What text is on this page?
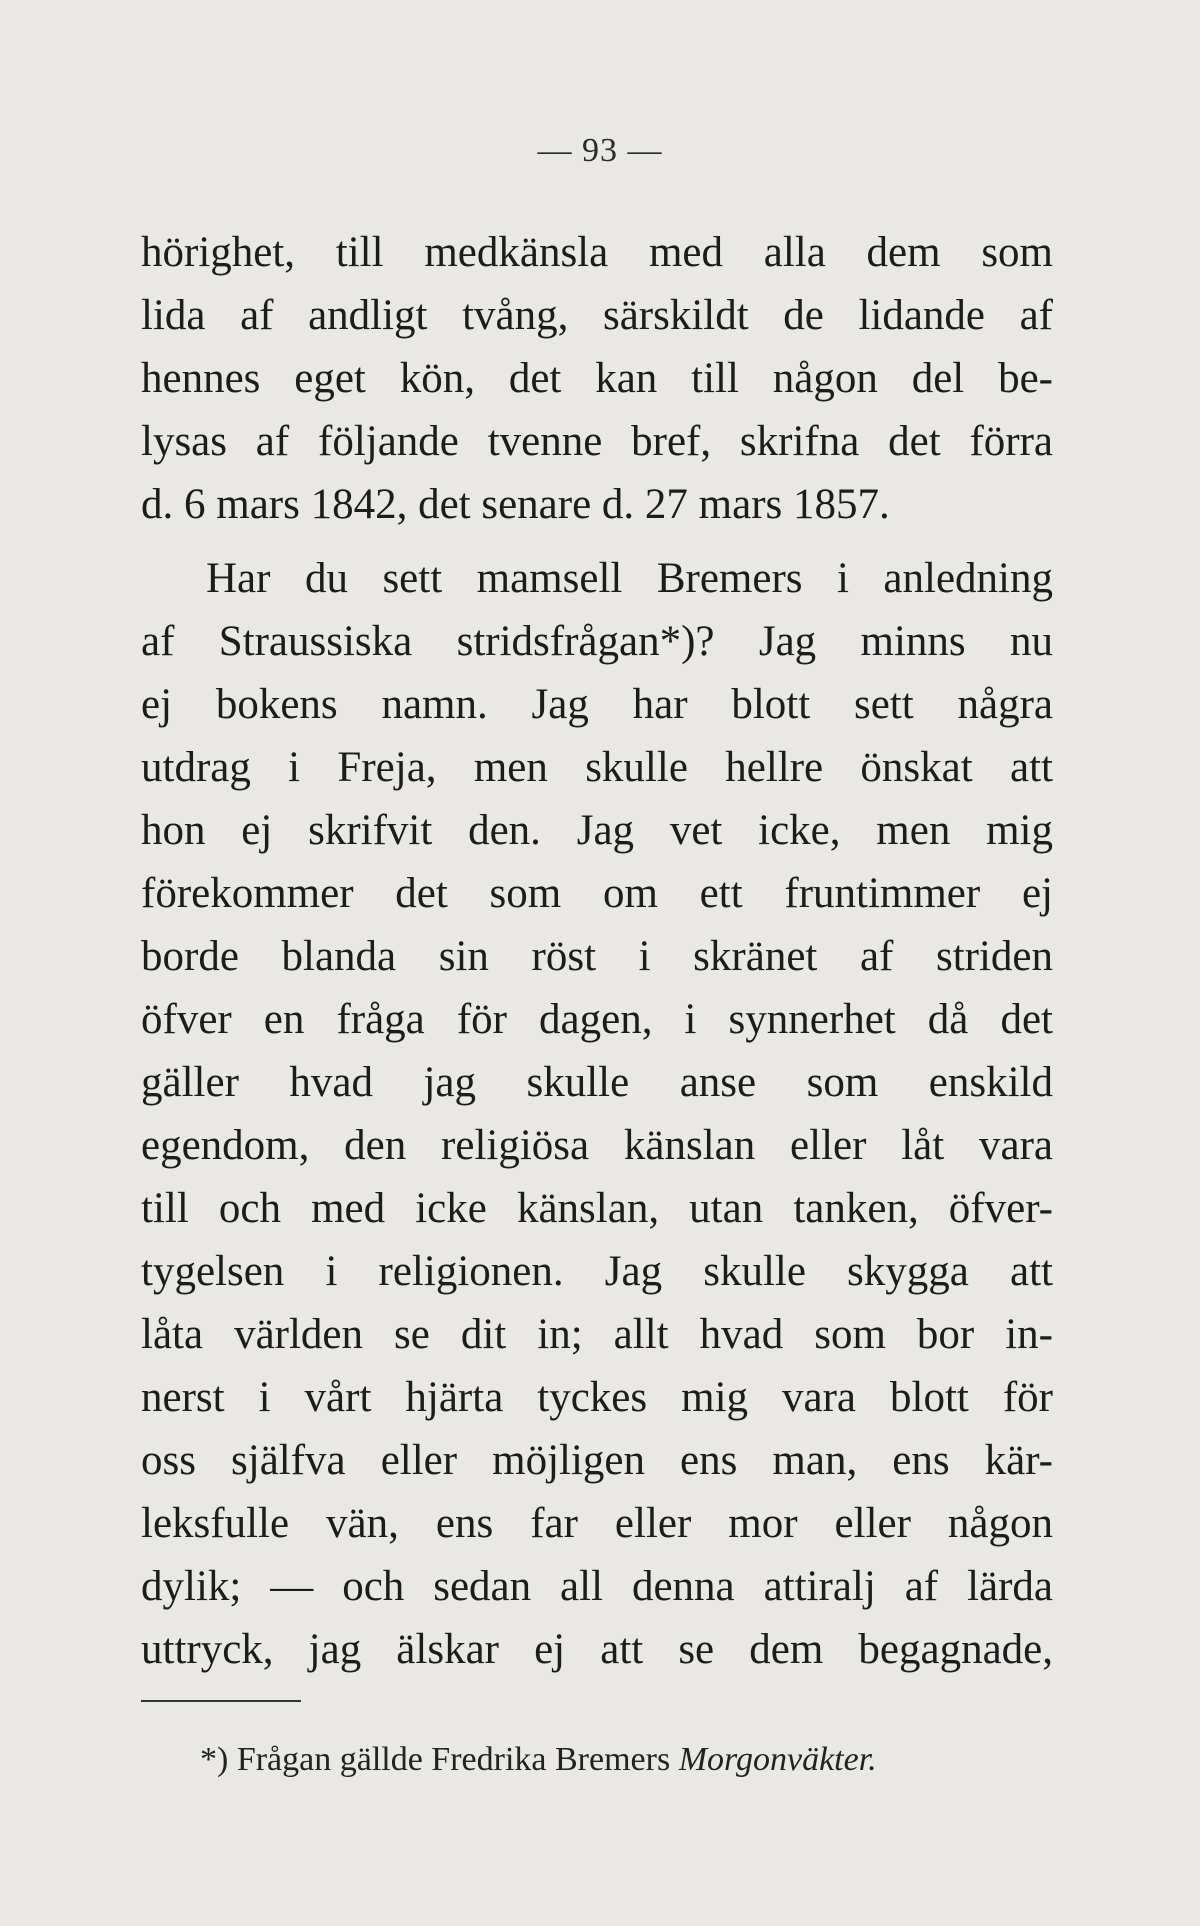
— 93 —
hörighet, till medkänsla med alla dem som
lida af andligt tvång, särskildt de lidande af
hennes eget kön, det kan till någon del be-
lysas af följande tvenne bref, skrifna det förra
d. 6 mars 1842, det senare d. 27 mars 1857.
Har du sett mamsell Bremers i anledning
af Straussiska stridsfrågan*)? Jag minns nu
ej bokens namn. Jag har blott sett några
utdrag i Freja, men skulle hellre önskat att
hon ej skrifvit den. Jag vet icke, men mig
förekommer det som om ett fruntimmer ej
borde blanda sin röst i skränet af striden
öfver en fråga för dagen, i synnerhet då det
gäller hvad jag skulle anse som enskild
egendom, den religiösa känslan eller låt vara
till och med icke känslan, utan tanken, öfver-
tygelsen i religionen. Jag skulle skygga att
låta världen se dit in; allt hvad som bor in-
nerst i vårt hjärta tyckes mig vara blott för
oss själfva eller möjligen ens man, ens kär-
leksfulle vän, ens far eller mor eller någon
dylik; — och sedan all denna attiralj af lärda
uttryck, jag älskar ej att se dem begagnade,
*) Frågan gällde Fredrika Bremers Morgonväkter.
